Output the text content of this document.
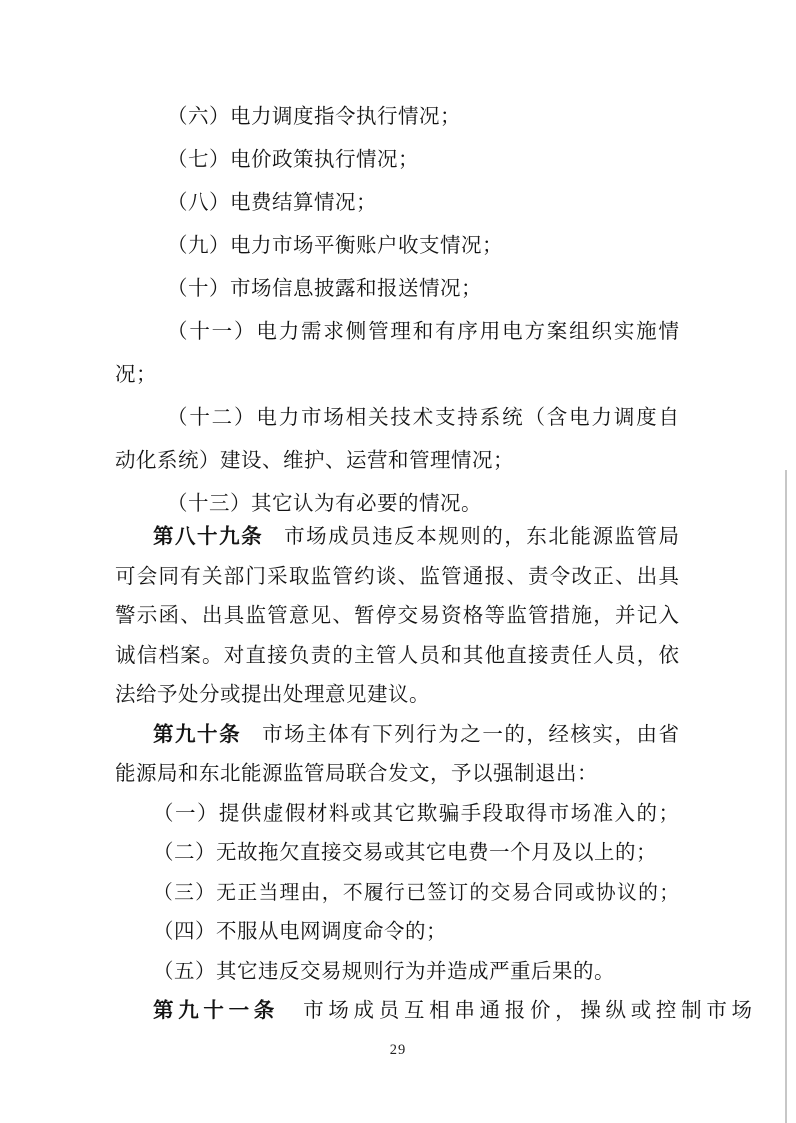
（六）电力调度指令执行情况；
（七）电价政策执行情况；
（八）电费结算情况；
（九）电力市场平衡账户收支情况；
（十）市场信息披露和报送情况；
（十一）电力需求侧管理和有序用电方案组织实施情
况；
（十二）电力市场相关技术支持系统（含电力调度自
动化系统）建设、维护、运营和管理情况；
（十三）其它认为有必要的情况。
第八十九条 市场成员违反本规则的，东北能源监管局
可会同有关部门采取监管约谈、监管通报、责令改正、出具
警示函、出具监管意见、暂停交易资格等监管措施，并记入
诚信档案。对直接负责的主管人员和其他直接责任人员，依
法给予处分或提出处理意见建议。
第九十条 市场主体有下列行为之一的，经核实，由省
能源局和东北能源监管局联合发文，予以强制退出：
（一）提供虚假材料或其它欺骗手段取得市场准入的；
（二）无故拖欠直接交易或其它电费一个月及以上的；
（三）无正当理由，不履行已签订的交易合同或协议的；
（四）不服从电网调度命令的；
（五）其它违反交易规则行为并造成严重后果的。
第九十一条 市场成员互相串通报价，操纵或控制市场
29
